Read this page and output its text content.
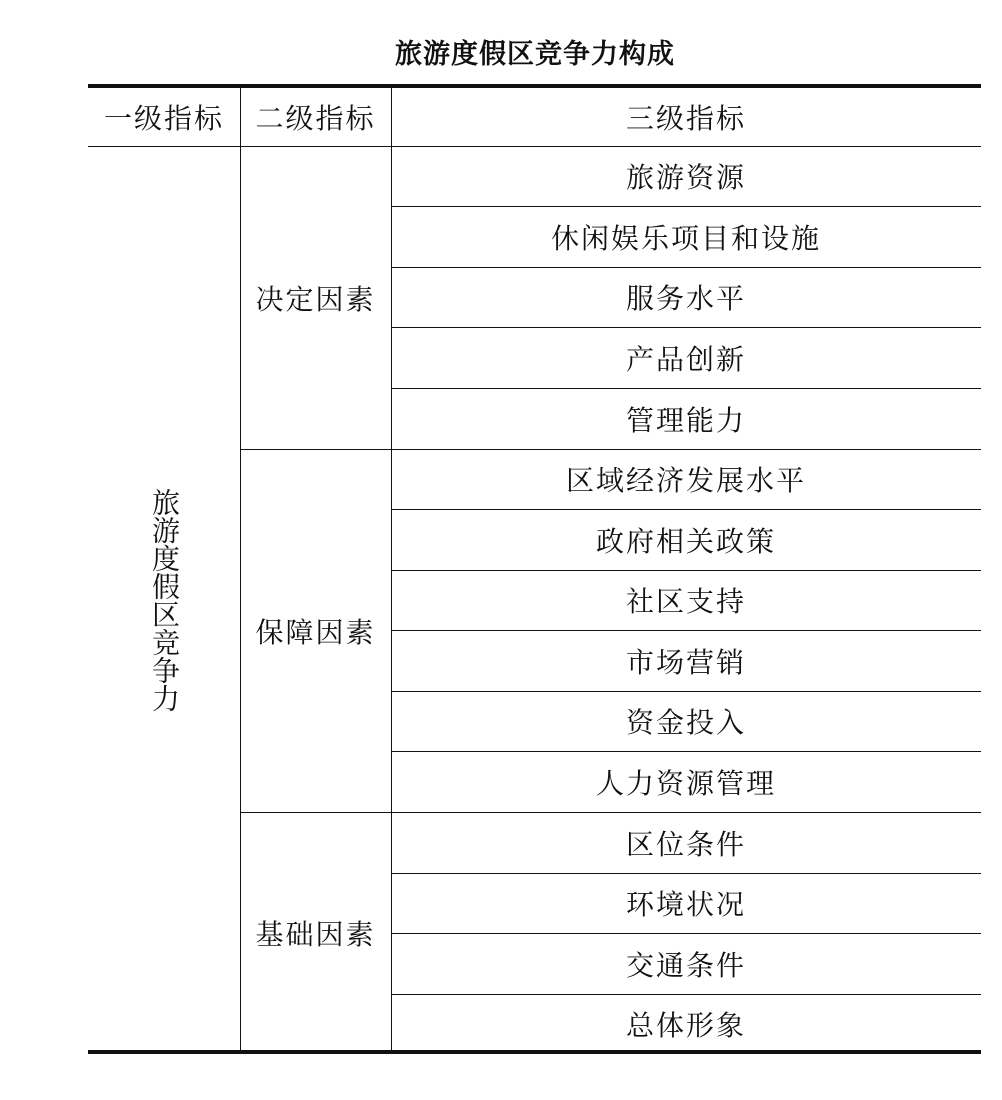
旅游度假区竞争力构成
一级指标	二级指标	三级指标
旅游度假区竞争力
决定因素
保障因素
基础因素
旅游资源
休闲娱乐项目和设施
服务水平
产品创新
管理能力
区域经济发展水平
政府相关政策
社区支持
市场营销
资金投入
人力资源管理
区位条件
环境状况
交通条件
总体形象
